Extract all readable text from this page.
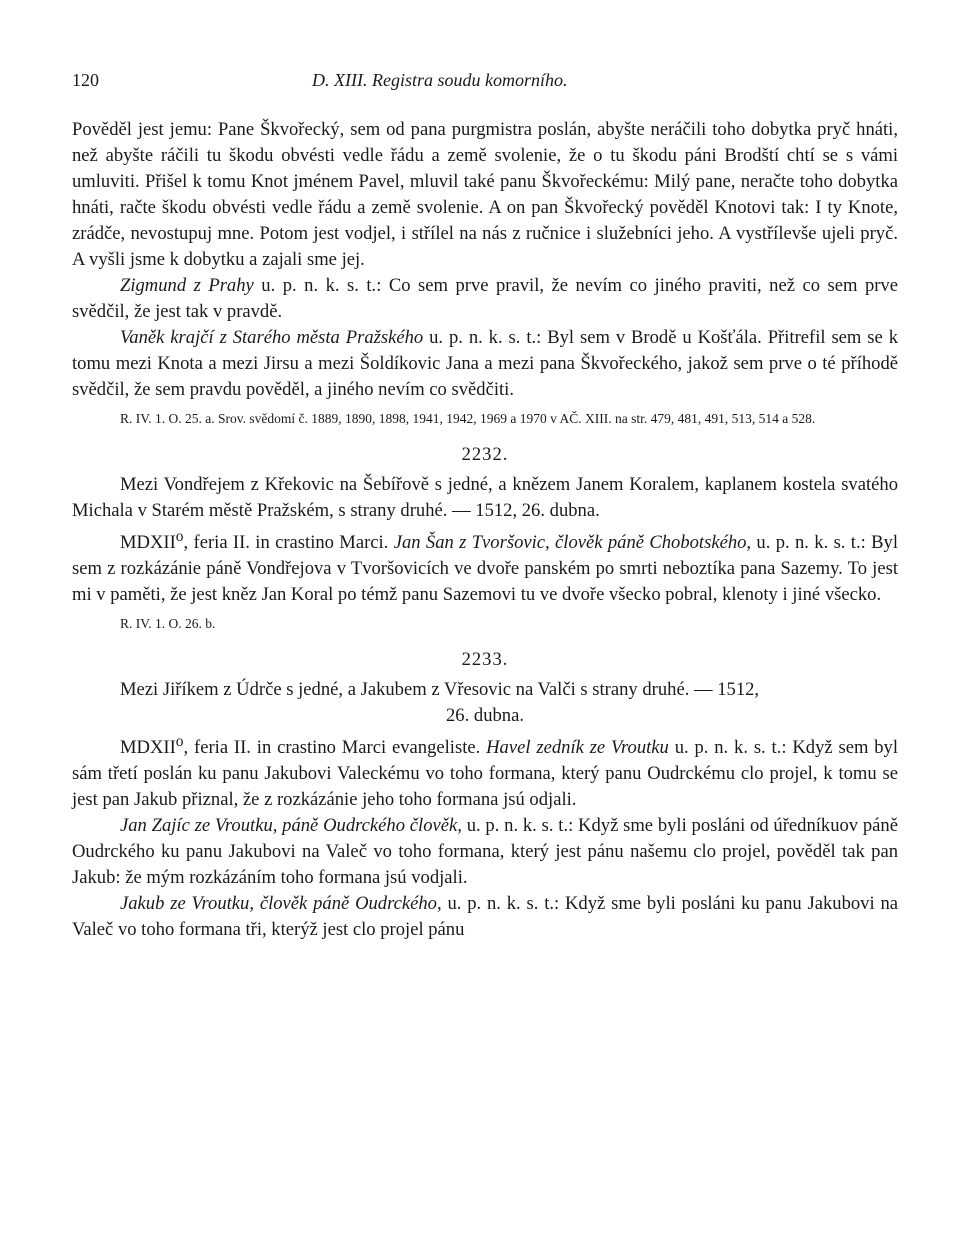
120	D. XIII. Registra soudu komorního.

Pověděl jest jemu: Pane Škvořecký, sem od pana purgmistra poslán, abyšte neráčili toho dobytka pryč hnáti, než abyšte ráčili tu škodu obvésti vedle řádu a země svolenie, že o tu škodu páni Brodští chtí se s vámi umluviti. Přišel k tomu Knot jménem Pavel, mluvil také panu Škvořeckému: Milý pane, neračte toho dobytka hnáti, račte škodu obvésti vedle řádu a země svolenie. A on pan Škvořecký pověděl Knotovi tak: I ty Knote, zrádče, nevostupuj mne. Potom jest vodjel, i střílel na nás z ručnice i služebníci jeho. A vystřílevše ujeli pryč. A vyšli jsme k dobytku a zajali sme jej.

Zigmund z Prahy u. p. n. k. s. t.: Co sem prve pravil, že nevím co jiného praviti, než co sem prve svědčil, že jest tak v pravdě.

Vaněk krajčí z Starého města Pražského u. p. n. k. s. t.: Byl sem v Brodě u Košťála. Přitrefil sem se k tomu mezi Knota a mezi Jirsu a mezi Šoldíkovic Jana a mezi pana Škvořeckého, jakož sem prve o té příhodě svědčil, že sem pravdu pověděl, a jiného nevím co svědčiti.

R. IV. 1. O. 25. a. Srov. svědomí č. 1889, 1890, 1898, 1941, 1942, 1969 a 1970 v AČ. XIII. na str. 479, 481, 491, 513, 514 a 528.

2232.

Mezi Vondřejem z Křekovic na Šebířově s jedné, a knězem Janem Koralem, kaplanem kostela svatého Michala v Starém městě Pražském, s strany druhé. — 1512, 26. dubna.

MDXII$^o$, feria II. in crastino Marci. Jan Šan z Tvoršovic, člověk páně Chobotského, u. p. n. k. s. t.: Byl sem z rozkázánie páně Vondřejova v Tvoršovicích ve dvoře panském po smrti neboztíka pana Sazemy. To jest mi v paměti, že jest kněz Jan Koral po témž panu Sazemovi tu ve dvoře všecko pobral, klenoty i jiné všecko.

R. IV. 1. O. 26. b.

2233.

Mezi Jiříkem z Údrče s jedné, a Jakubem z Vřesovic na Valči s strany druhé. — 1512,

26. dubna.

MDXII$^o$, feria II. in crastino Marci evangeliste. Havel zedník ze Vroutku u. p. n. k. s. t.: Když sem byl sám třetí poslán ku panu Jakubovi Valeckému vo toho formana, který panu Oudrckému clo projel, k tomu se jest pan Jakub přiznal, že z rozkázánie jeho toho formana jsú odjali.

Jan Zajíc ze Vroutku, páně Oudrckého člověk, u. p. n. k. s. t.: Když sme byli posláni od úředníkuov páně Oudrckého ku panu Jakubovi na Valeč vo toho formana, který jest pánu našemu clo projel, pověděl tak pan Jakub: že mým rozkázáním toho formana jsú vodjali.

Jakub ze Vroutku, člověk páně Oudrckého, u. p. n. k. s. t.: Když sme byli posláni ku panu Jakubovi na Valeč vo toho formana tři, kterýž jest clo projel pánu
